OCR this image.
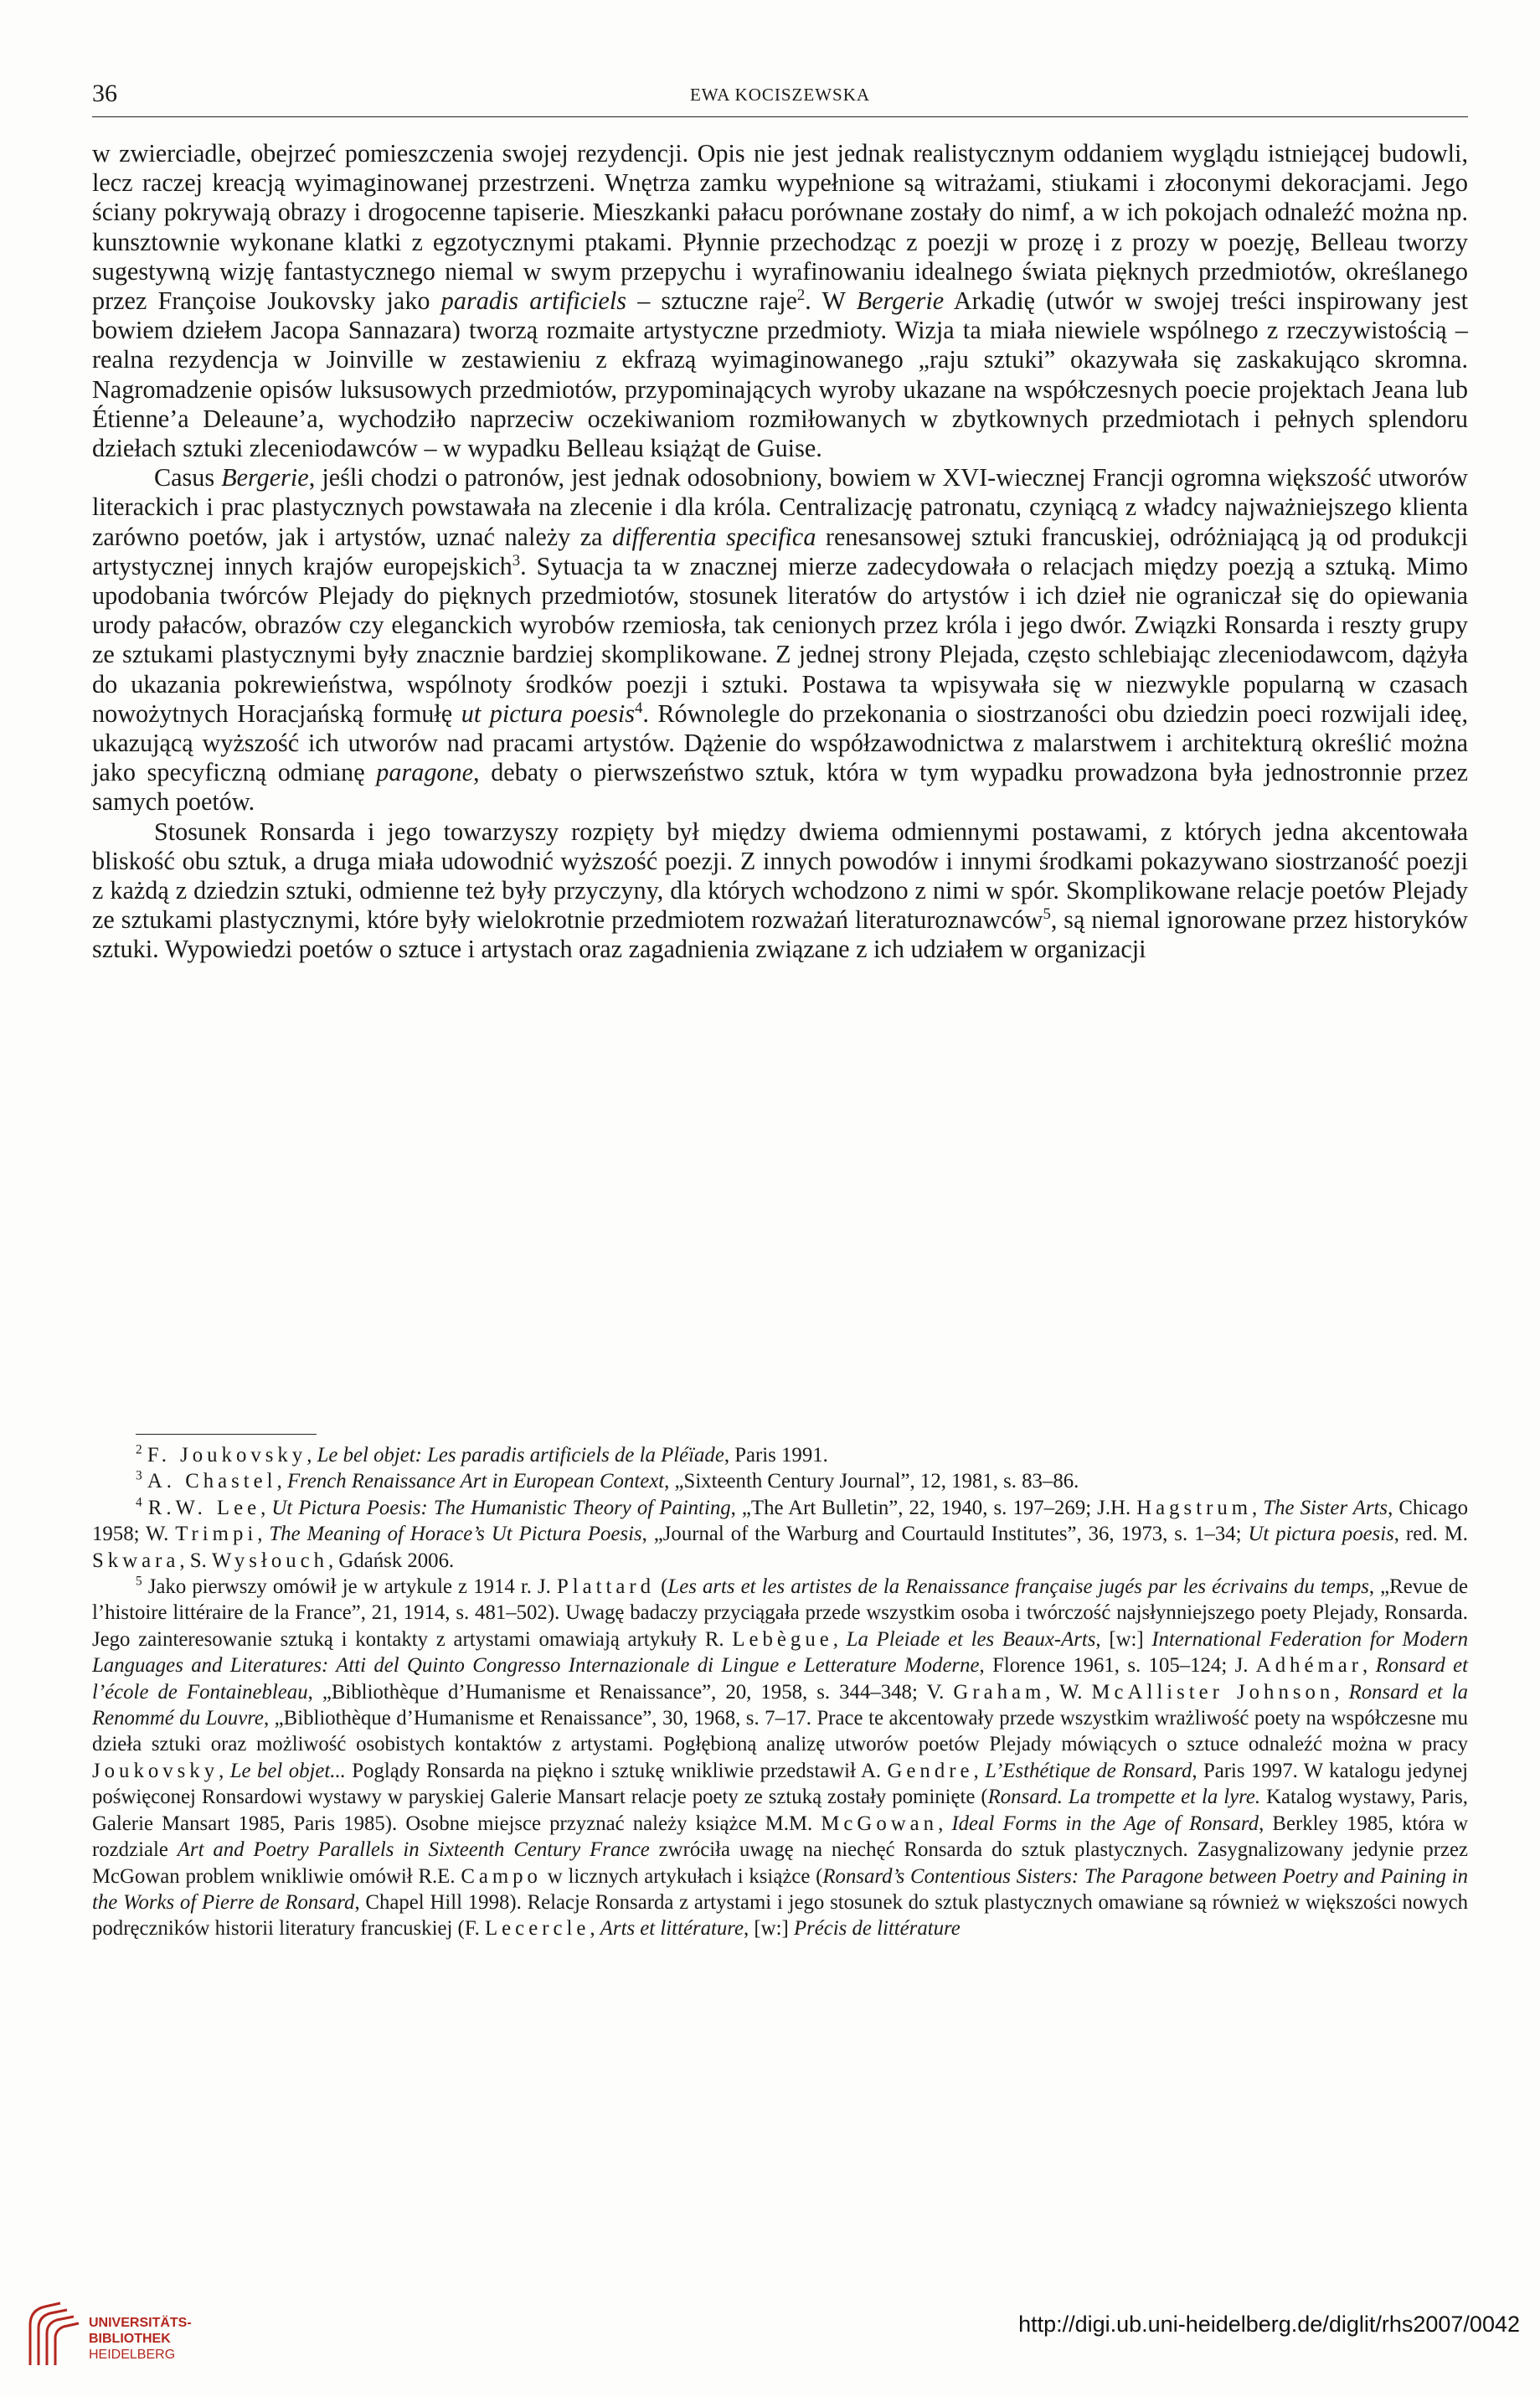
36	EWA KOCISZEWSKA

w zwierciadle, obejrzeć pomieszczenia swojej rezydencji. Opis nie jest jednak realistycznym oddaniem wyglądu istniejącej budowli, lecz raczej kreacją wyimaginowanej przestrzeni. Wnętrza zamku wypełnione są witrażami, stiukami i złoconymi dekoracjami. Jego ściany pokrywają obrazy i drogocenne tapiserie. Mieszkanki pałacu porównane zostały do nimf, a w ich pokojach odnaleźć można np. kunsztownie wykonane klatki z egzotycznymi ptakami. Płynnie przechodząc z poezji w prozę i z prozy w poezję, Belleau tworzy sugestywną wizję fantastycznego niemal w swym przepychu i wyrafinowaniu idealnego świata pięknych przedmiotów, określanego przez Françoise Joukovsky jako paradis artificiels – sztuczne raje$^2$. W Bergerie Arkadię (utwór w swojej treści inspirowany jest bowiem dziełem Jacopa Sannazara) tworzą rozmaite artystyczne przedmioty. Wizja ta miała niewiele wspólnego z rzeczywistością – realna rezydencja w Joinville w zestawieniu z ekfrazą wyimaginowanego „raju sztuki” okazywała się zaskakująco skromna. Nagromadzenie opisów luksusowych przedmiotów, przypominających wyroby ukazane na współczesnych poecie projektach Jeana lub Étienne’a Deleaune’a, wychodziło naprzeciw oczekiwaniom rozmiłowanych w zbytkownych przedmiotach i pełnych splendoru dziełach sztuki zleceniodawców – w wypadku Belleau książąt de Guise.

Casus Bergerie, jeśli chodzi o patronów, jest jednak odosobniony, bowiem w XVI-wiecznej Francji ogromna większość utworów literackich i prac plastycznych powstawała na zlecenie i dla króla. Centralizację patronatu, czyniącą z władcy najważniejszego klienta zarówno poetów, jak i artystów, uznać należy za differentia specifica renesansowej sztuki francuskiej, odróżniającą ją od produkcji artystycznej innych krajów europejskich$^3$. Sytuacja ta w znacznej mierze zadecydowała o relacjach między poezją a sztuką. Mimo upodobania twórców Plejady do pięknych przedmiotów, stosunek literatów do artystów i ich dzieł nie ograniczał się do opiewania urody pałaców, obrazów czy eleganckich wyrobów rzemiosła, tak cenionych przez króla i jego dwór. Związki Ronsarda i reszty grupy ze sztukami plastycznymi były znacznie bardziej skomplikowane. Z jednej strony Plejada, często schlebiając zleceniodawcom, dążyła do ukazania pokrewieństwa, wspólnoty środków poezji i sztuki. Postawa ta wpisywała się w niezwykle popularną w czasach nowożytnych Horacjańską formułę ut pictura poesis$^4$. Równolegle do przekonania o siostrzaności obu dziedzin poeci rozwijali ideę, ukazującą wyższość ich utworów nad pracami artystów. Dążenie do współzawodnictwa z malarstwem i architekturą określić można jako specyficzną odmianę paragone, debaty o pierwszeństwo sztuk, która w tym wypadku prowadzona była jednostronnie przez samych poetów.

Stosunek Ronsarda i jego towarzyszy rozpięty był między dwiema odmiennymi postawami, z których jedna akcentowała bliskość obu sztuk, a druga miała udowodnić wyższość poezji. Z innych powodów i innymi środkami pokazywano siostrzaność poezji z każdą z dziedzin sztuki, odmienne też były przyczyny, dla których wchodzono z nimi w spór. Skomplikowane relacje poetów Plejady ze sztukami plastycznymi, które były wielokrotnie przedmiotem rozważań literaturoznawców$^5$, są niemal ignorowane przez historyków sztuki. Wypowiedzi poetów o sztuce i artystach oraz zagadnienia związane z ich udziałem w organizacji

$^2$ F. Joukovsky, Le bel objet: Les paradis artificiels de la Pléïade, Paris 1991.

$^3$ A. Chastel, French Renaissance Art in European Context, „Sixteenth Century Journal”, 12, 1981, s. 83–86.

$^4$ R.W. Lee, Ut Pictura Poesis: The Humanistic Theory of Painting, „The Art Bulletin”, 22, 1940, s. 197–269; J.H. Hagstrum, The Sister Arts, Chicago 1958; W. Trimpi, The Meaning of Horace’s Ut Pictura Poesis, „Journal of the Warburg and Courtauld Institutes”, 36, 1973, s. 1–34; Ut pictura poesis, red. M. Skwara, S. Wysłouch, Gdańsk 2006.

$^5$ Jako pierwszy omówił je w artykule z 1914 r. J. Plattard (Les arts et les artistes de la Renaissance française jugés par les écrivains du temps, „Revue de l’histoire littéraire de la France”, 21, 1914, s. 481–502). Uwagę badaczy przyciągała przede wszystkim osoba i twórczość najsłynniejszego poety Plejady, Ronsarda. Jego zainteresowanie sztuką i kontakty z artystami omawiają artykuły R. Lebègue, La Pleiade et les Beaux-Arts, [w:] International Federation for Modern Languages and Literatures: Atti del Quinto Congresso Internazionale di Lingue e Letterature Moderne, Florence 1961, s. 105–124; J. Adhémar, Ronsard et l’école de Fontainebleau, „Bibliothèque d’Humanisme et Renaissance”, 20, 1958, s. 344–348; V. Graham, W. McAllister Johnson, Ronsard et la Renommé du Louvre, „Bibliothèque d’Humanisme et Renaissance”, 30, 1968, s. 7–17. Prace te akcentowały przede wszystkim wrażliwość poety na współczesne mu dzieła sztuki oraz możliwość osobistych kontaktów z artystami. Pogłębioną analizę utworów poetów Plejady mówiących o sztuce odnaleźć można w pracy Joukovsky, Le bel objet... Poglądy Ronsarda na piękno i sztukę wnikliwie przedstawił A. Gendre, L’Esthétique de Ronsard, Paris 1997. W katalogu jedynej poświęconej Ronsardowi wystawy w paryskiej Galerie Mansart relacje poety ze sztuką zostały pominięte (Ronsard. La trompette et la lyre. Katalog wystawy, Paris, Galerie Mansart 1985, Paris 1985). Osobne miejsce przyznać należy książce M.M. McGowan, Ideal Forms in the Age of Ronsard, Berkley 1985, która w rozdziale Art and Poetry Parallels in Sixteenth Century France zwróciła uwagę na niechęć Ronsarda do sztuk plastycznych. Zasygnalizowany jedynie przez McGowan problem wnikliwie omówił R.E. Campo w licznych artykułach i książce (Ronsard’s Contentious Sisters: The Paragone between Poetry and Paining in the Works of Pierre de Ronsard, Chapel Hill 1998). Relacje Ronsarda z artystami i jego stosunek do sztuk plastycznych omawiane są również w większości nowych podręczników historii literatury francuskiej (F. Lecercle, Arts et littérature, [w:] Précis de littérature

UNIVERSITÄTS-
BIBLIOTHEK
HEIDELBERG
http://digi.ub.uni-heidelberg.de/diglit/rhs2007/0042
